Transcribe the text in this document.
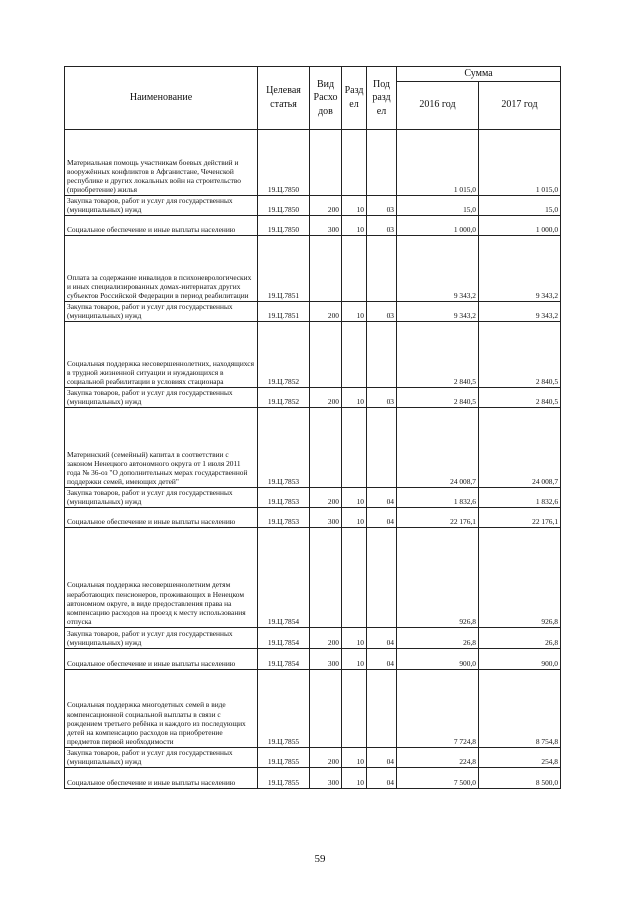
Наименование	Целевая статья	Вид Расхо дов	Разд ел	Под разд ел	Сумма	
					2016 год	2017 год
Материальная помощь участникам боевых действий и вооружённых конфликтов в Афганистане, Чеченской республике и других локальных войн на строительство (приобретение) жилья	19.Ц.7850				1 015,0	1 015,0
Закупка товаров, работ и услуг для государственных (муниципальных) нужд	19.Ц.7850	200	10	03	15,0	15,0
Социальное обеспечение и иные выплаты населению	19.Ц.7850	300	10	03	1 000,0	1 000,0
Оплата за содержание инвалидов в психоневрологических и иных специализированных домах-интернатах других субъектов Российской Федерации в период реабилитации	19.Ц.7851				9 343,2	9 343,2
Закупка товаров, работ и услуг для государственных (муниципальных) нужд	19.Ц.7851	200	10	03	9 343,2	9 343,2
Социальная поддержка несовершеннолетних, находящихся в трудной жизненной ситуации и нуждающихся в социальной реабилитации в условиях стационара	19.Ц.7852				2 840,5	2 840,5
Закупка товаров, работ и услуг для государственных (муниципальных) нужд	19.Ц.7852	200	10	03	2 840,5	2 840,5
Материнский (семейный) капитал в соответствии с законом Ненецкого автономного округа от 1 июля 2011 года № 36-оз "О дополнительных мерах государственной поддержки семей, имеющих детей"	19.Ц.7853				24 008,7	24 008,7
Закупка товаров, работ и услуг для государственных (муниципальных) нужд	19.Ц.7853	200	10	04	1 832,6	1 832,6
Социальное обеспечение и иные выплаты населению	19.Ц.7853	300	10	04	22 176,1	22 176,1
Социальная поддержка несовершеннолетним детям неработающих пенсионеров, проживающих в Ненецком автономном округе, в виде предоставления права на компенсацию расходов на проезд к месту использования отпуска	19.Ц.7854				926,8	926,8
Закупка товаров, работ и услуг для государственных (муниципальных) нужд	19.Ц.7854	200	10	04	26,8	26,8
Социальное обеспечение и иные выплаты населению	19.Ц.7854	300	10	04	900,0	900,0
Социальная поддержка многодетных семей в виде компенсационной социальной выплаты в связи с рождением третьего ребёнка и каждого из последующих детей на компенсацию расходов на приобретение предметов первой необходимости	19.Ц.7855				7 724,8	8 754,8
Закупка товаров, работ и услуг для государственных (муниципальных) нужд	19.Ц.7855	200	10	04	224,8	254,8
Социальное обеспечение и иные выплаты населению	19.Ц.7855	300	10	04	7 500,0	8 500,0
59
